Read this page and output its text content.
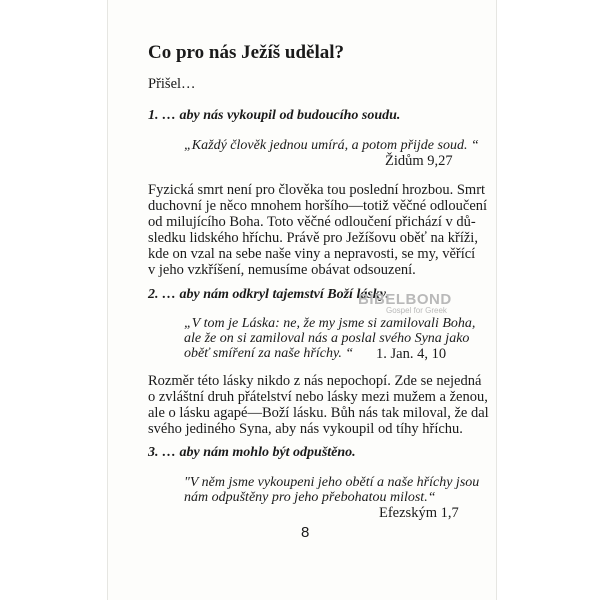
Co pro nás Ježíš udělal?
Přišel…
1. … aby nás vykoupil od budoucího soudu.
„Každý člověk jednou umírá, a potom přijde soud. “
Židům 9,27
Fyzická smrt není pro člověka tou poslední hrozbou. Smrt
duchovní je něco mnohem horšího—totiž věčné odloučení
od milujícího Boha. Toto věčné odloučení přichází v dů-
sledku lidského hříchu. Právě pro Ježíšovu oběť na kříži,
kde on vzal na sebe naše viny a nepravosti, se my, věřící
v jeho vzkříšení, nemusíme obávat odsouzení.
2. … aby nám odkryl tajemství Boží lásky.
„V tom je Láska: ne, že my jsme si zamilovali Boha,
ale že on si zamiloval nás a poslal svého Syna jako
oběť smíření za naše hříchy. “	1. Jan. 4, 10
Rozměr této lásky nikdo z nás nepochopí. Zde se nejedná
o zvláštní druh přátelství nebo lásky mezi mužem a ženou,
ale o lásku agapé—Boží lásku. Bůh nás tak miloval, že dal
svého jediného Syna, aby nás vykoupil od tíhy hříchu.
3. … aby nám mohlo být odpuštěno.
"V něm jsme vykoupeni jeho obětí a naše hříchy jsou
nám odpuštěny pro jeho přebohatou milost.“
Efezským 1,7
8
BIBELBOND
Gospel for Greek
